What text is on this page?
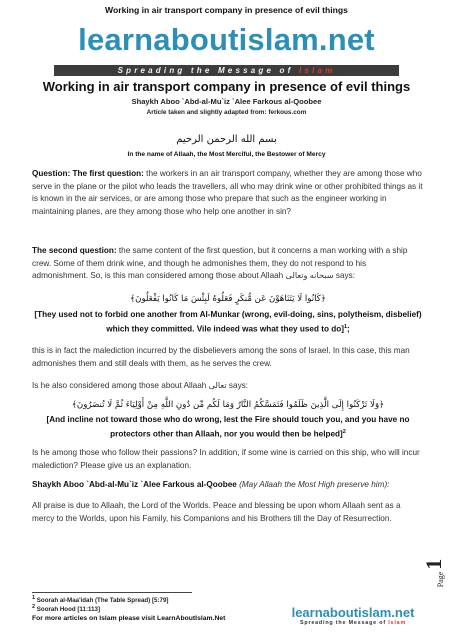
Working in air transport company in presence of evil things
learnaboutislam.net
Spreading the Message of Islam
Working in air transport company in presence of evil things
Shaykh Aboo `Abd-al-Mu`iz `Alee Farkous al-Qoobee
Article taken and slightly adapted from: ferkous.com
بسم الله الرحمن الرحيم
In the name of Allaah, the Most Merciful, the Bestower of Mercy
Question: The first question: the workers in an air transport company, whether they are among those who serve in the plane or the pilot who leads the travellers, all who may drink wine or other prohibited things as it is known in the air services, or are among those who prepare that such as the engineer working in maintaining planes, are they among those who help one another in sin?
The second question: the same content of the first question, but it concerns a man working with a ship crew. Some of them drink wine, and though he admonishes them, they do not respond to his admonishment. So, is this man considered among those about Allaah سبحانه وتعالى says:
﴿كَانُوا لَا يَتَنَاهَوْنَ عَن مُّنكَرٍ فَعَلُوهُ لَبِئْسَ مَا كَانُوا يَفْعَلُونَ﴾
[They used not to forbid one another from Al-Munkar (wrong, evil-doing, sins, polytheism, disbelief) which they committed. Vile indeed was what they used to do]$^1$;
this is in fact the malediction incurred by the disbelievers among the sons of Israel. In this case, this man admonishes them and still deals with them, as he serves the crew.
Is he also considered among those about Allaah تعالى says:
﴿وَلَا تَرْكَنُوا إِلَى الَّذِينَ ظَلَمُوا فَتَمَسَّكُمُ النَّارُ وَمَا لَكُم مِّن دُونِ اللَّهِ مِنْ أَوْلِيَاءَ ثُمَّ لَا تُنصَرُونَ﴾
[And incline not toward those who do wrong, lest the Fire should touch you, and you have no protectors other than Allaah, nor you would then be helped]$^2$
Is he among those who follow their passions? In addition, if some wine is carried on this ship, who will incur malediction? Please give us an explanation.
Shaykh Aboo `Abd-al-Mu`iz `Alee Farkous al-Qoobee (May Allaah the Most High preserve him):
All praise is due to Allaah, the Lord of the Worlds. Peace and blessing be upon whom Allaah sent as a mercy to the Worlds, upon his Family, his Companions and his Brothers till the Day of Resurrection.
Page
1
$^1$ Soorah al-Maa'idah (The Table Spread) [5:79]
$^2$ Soorah Hood [11:113]
For more articles on Islam please visit LearnAboutIslam.Net	learnaboutislam.net
Spreading the Message of Islam
